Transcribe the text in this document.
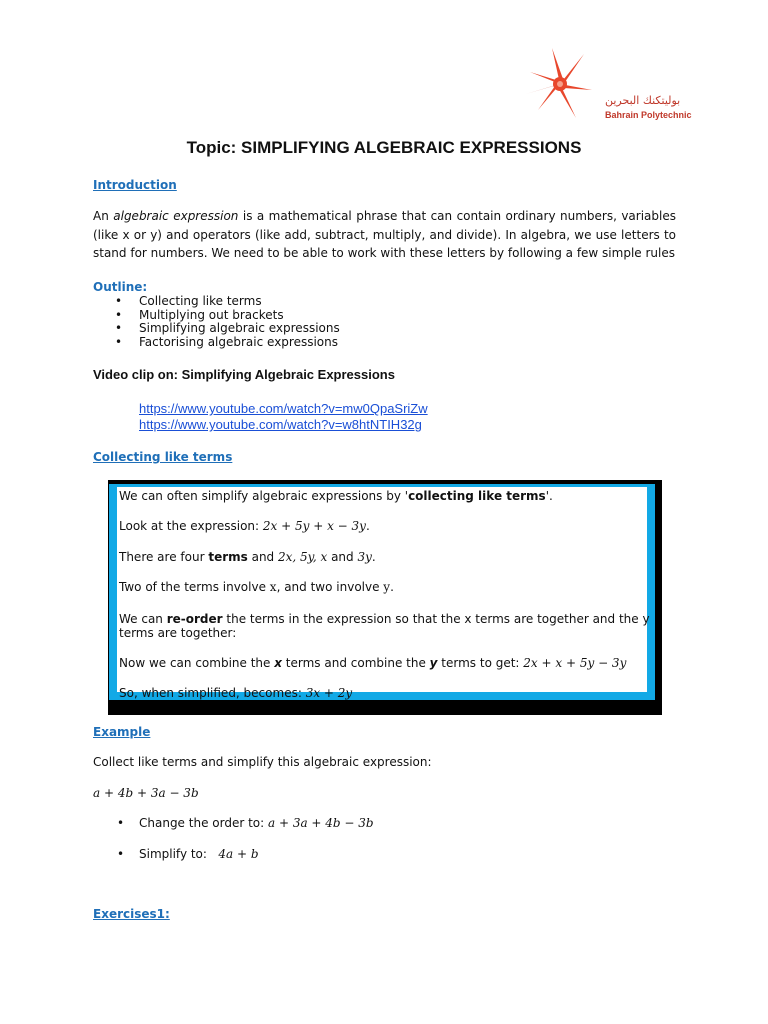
بوليتكنك البحرين
Bahrain Polytechnic
Topic: SIMPLIFYING ALGEBRAIC EXPRESSIONS
Introduction
An algebraic expression is a mathematical phrase that can contain ordinary numbers, variables (like x or y) and operators (like add, subtract, multiply, and divide). In algebra, we use letters to stand for numbers. We need to be able to work with these letters by following a few simple rules
Outline:
• Collecting like terms
• Multiplying out brackets
• Simplifying algebraic expressions
• Factorising algebraic expressions
Video clip on: Simplifying Algebraic Expressions
https://www.youtube.com/watch?v=mw0QpaSriZw
https://www.youtube.com/watch?v=w8htNTIH32g
Collecting like terms
We can often simplify algebraic expressions by 'collecting like terms'.
Look at the expression: 2x + 5y + x − 3y.
There are four terms and 2x, 5y, x and 3y.
Two of the terms involve x, and two involve y.
We can re-order the terms in the expression so that the x terms are together and the y
terms are together:
Now we can combine the x terms and combine the y terms to get: 2x + x + 5y − 3y
So, when simplified, becomes: 3x + 2y
Example
Collect like terms and simplify this algebraic expression:
a + 4b + 3a − 3b
• Change the order to: a + 3a + 4b − 3b
• Simplify to:   4a + b
Exercises1:
